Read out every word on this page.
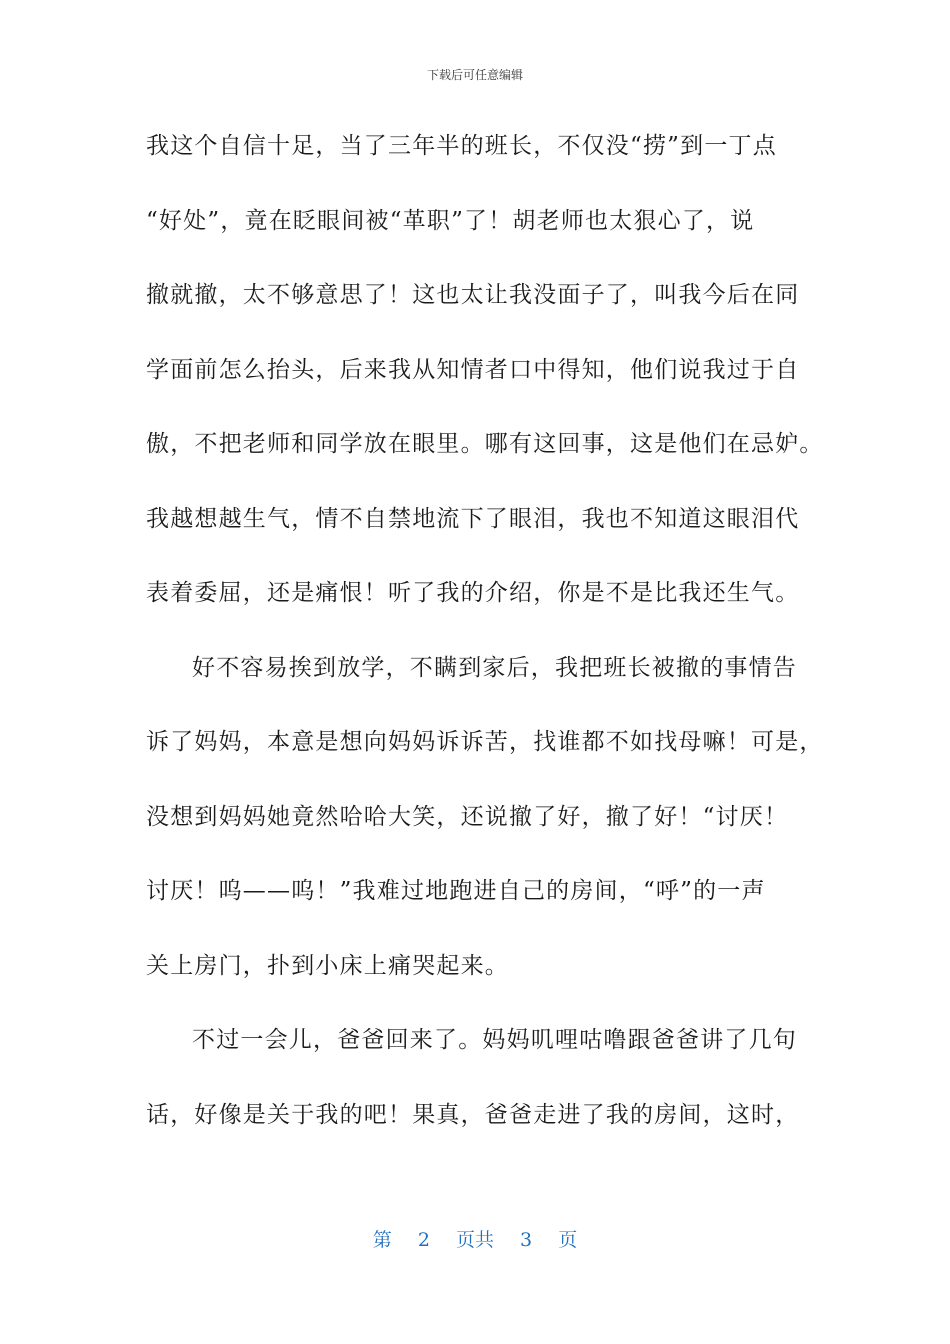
下载后可任意编辑
我这个自信十足，当了三年半的班长，不仅没“捞”到一丁点
“好处”，竟在眨眼间被“革职”了！胡老师也太狠心了，说
撤就撤，太不够意思了！这也太让我没面子了，叫我今后在同
学面前怎么抬头，后来我从知情者口中得知，他们说我过于自
傲，不把老师和同学放在眼里。哪有这回事，这是他们在忌妒。
我越想越生气，情不自禁地流下了眼泪，我也不知道这眼泪代
表着委屈，还是痛恨！听了我的介绍，你是不是比我还生气。
好不容易挨到放学，不瞒到家后，我把班长被撤的事情告
诉了妈妈，本意是想向妈妈诉诉苦，找谁都不如找母嘛！可是，
没想到妈妈她竟然哈哈大笑，还说撤了好，撤了好！“讨厌！
讨厌！呜——呜！”我难过地跑进自己的房间，“呼”的一声
关上房门，扑到小床上痛哭起来。
不过一会儿，爸爸回来了。妈妈叽哩咕噜跟爸爸讲了几句
话，好像是关于我的吧！果真，爸爸走进了我的房间，这时，
第 2 页共 3 页
